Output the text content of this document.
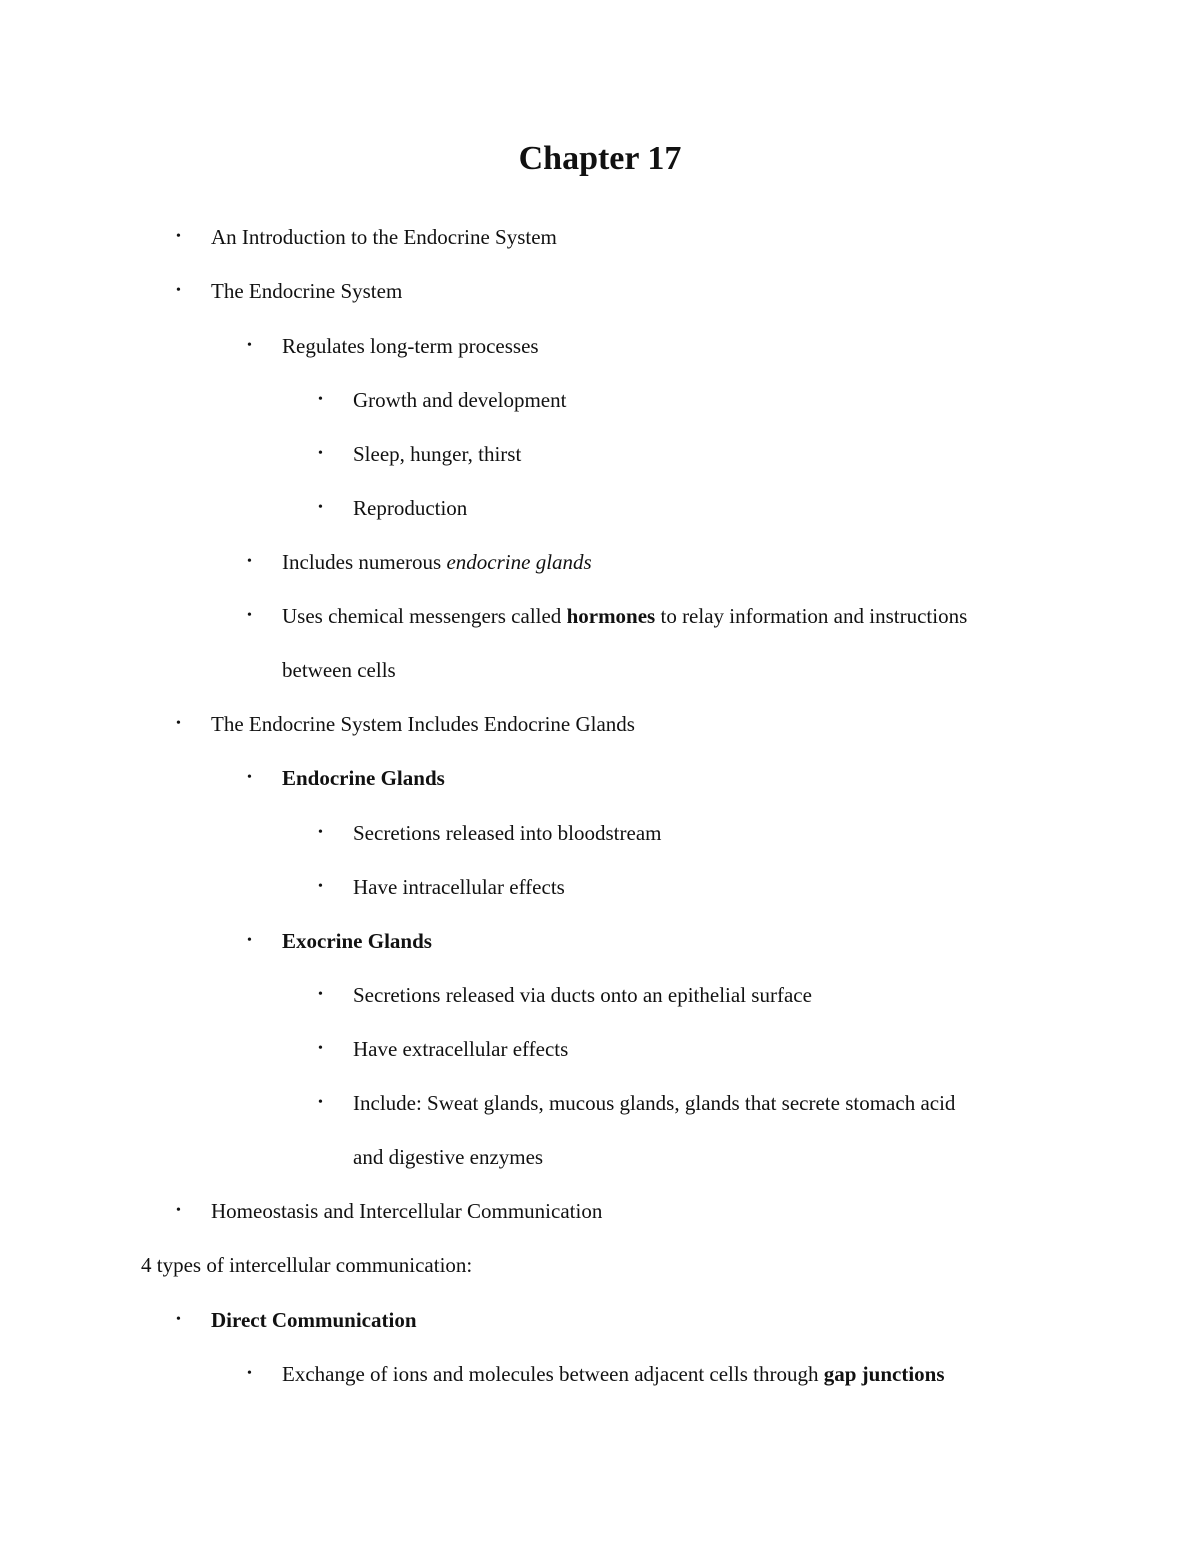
Chapter 17
• An Introduction to the Endocrine System
• The Endocrine System
• Regulates long-term processes
• Growth and development
• Sleep, hunger, thirst
• Reproduction
• Includes numerous endocrine glands
• Uses chemical messengers called hormones to relay information and instructions
between cells
• The Endocrine System Includes Endocrine Glands
• Endocrine Glands
• Secretions released into bloodstream
• Have intracellular effects
• Exocrine Glands
• Secretions released via ducts onto an epithelial surface
• Have extracellular effects
• Include: Sweat glands, mucous glands, glands that secrete stomach acid
and digestive enzymes
• Homeostasis and Intercellular Communication
4 types of intercellular communication:
• Direct Communication
• Exchange of ions and molecules between adjacent cells through gap junctions
